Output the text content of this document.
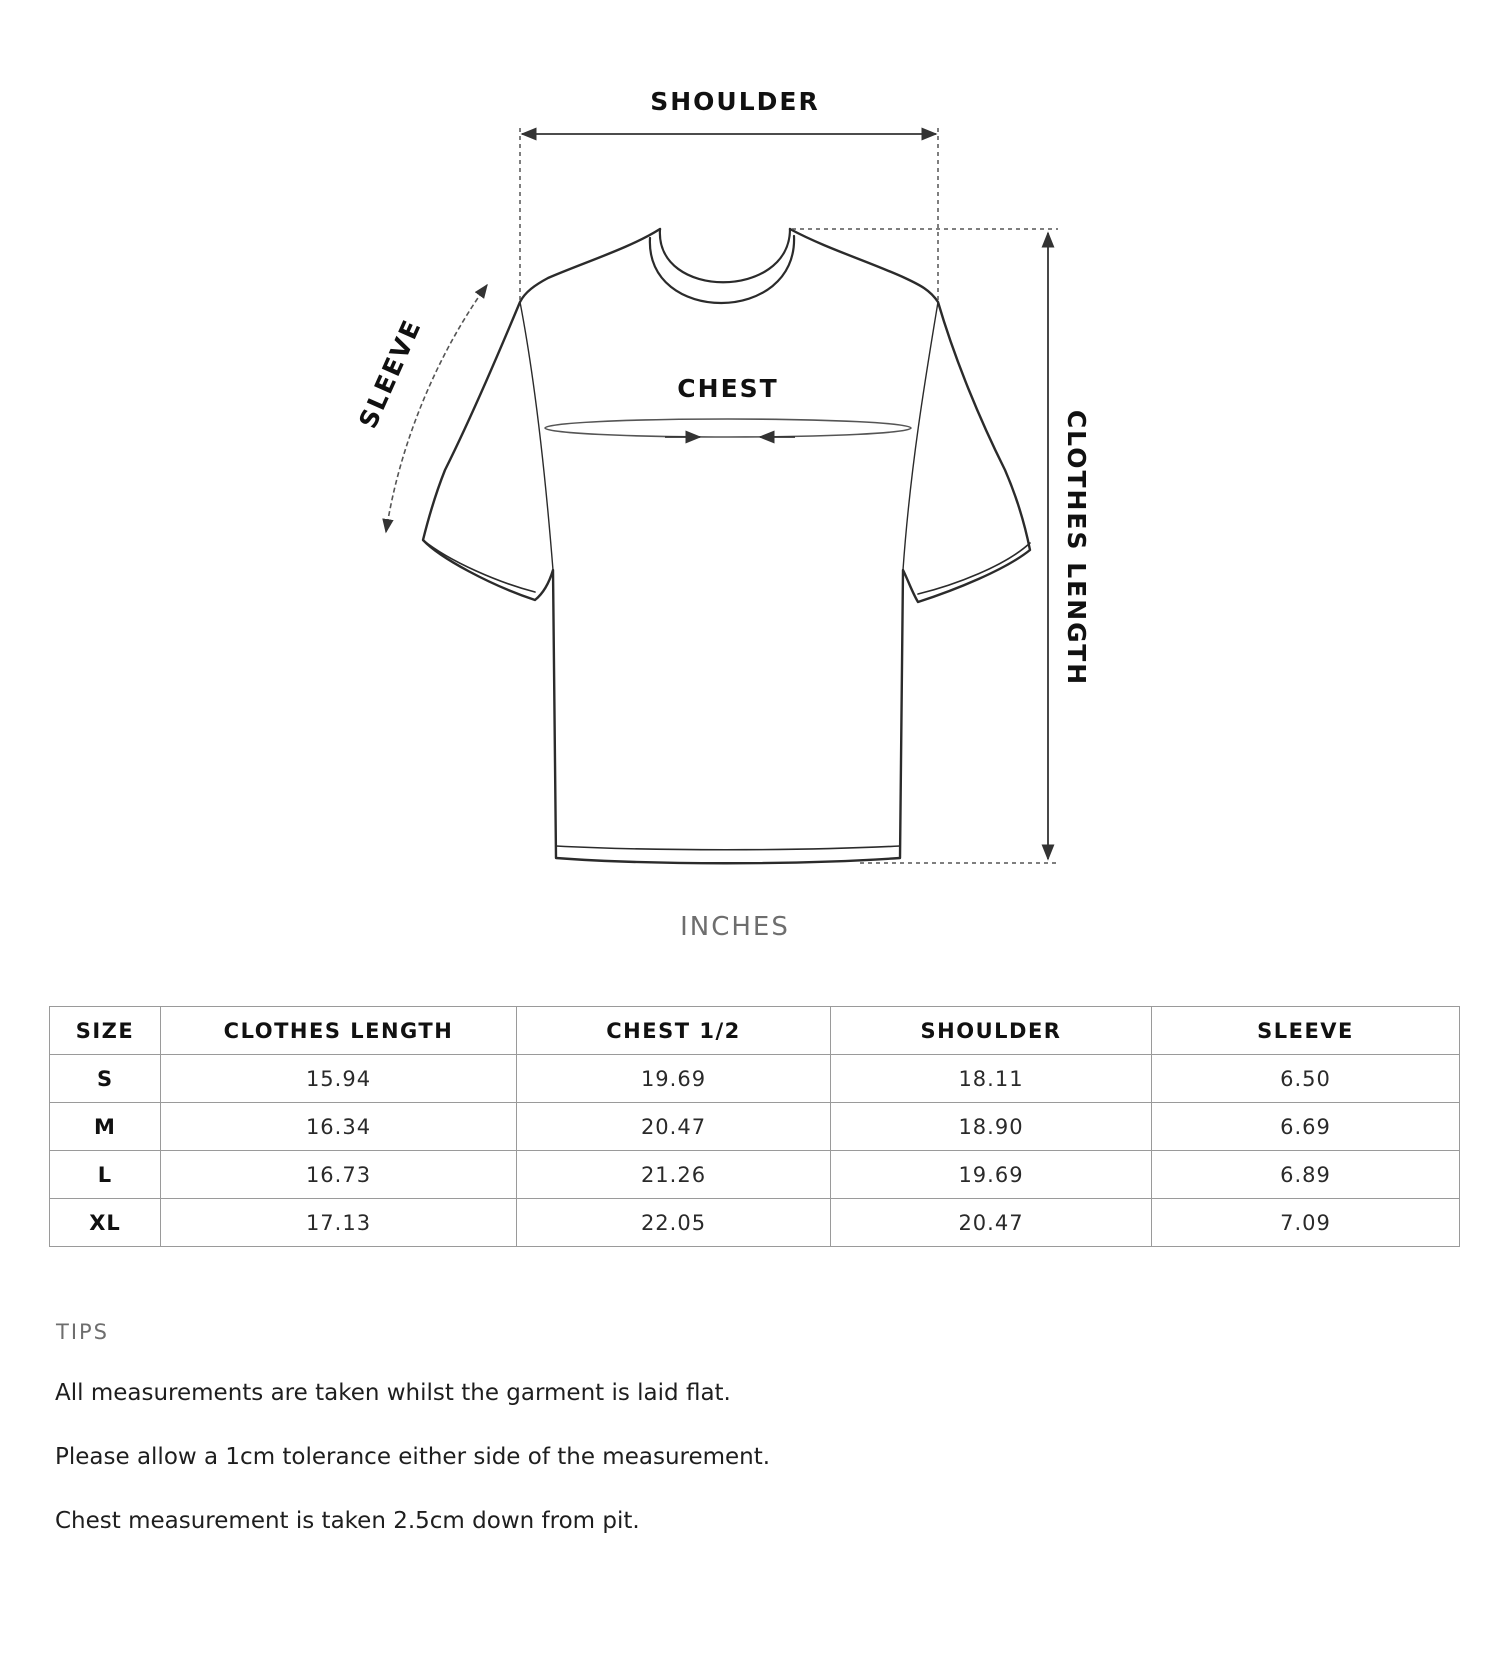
SHOULDER
CHEST
SLEEVE
CLOTHES LENGTH
INCHES
SIZE	CLOTHES LENGTH	CHEST 1/2	SHOULDER	SLEEVE
S	15.94	19.69	18.11	6.50
M	16.34	20.47	18.90	6.69
L	16.73	21.26	19.69	6.89
XL	17.13	22.05	20.47	7.09
TIPS
All measurements are taken whilst the garment is laid flat.
Please allow a 1cm tolerance either side of the measurement.
Chest measurement is taken 2.5cm down from pit.
